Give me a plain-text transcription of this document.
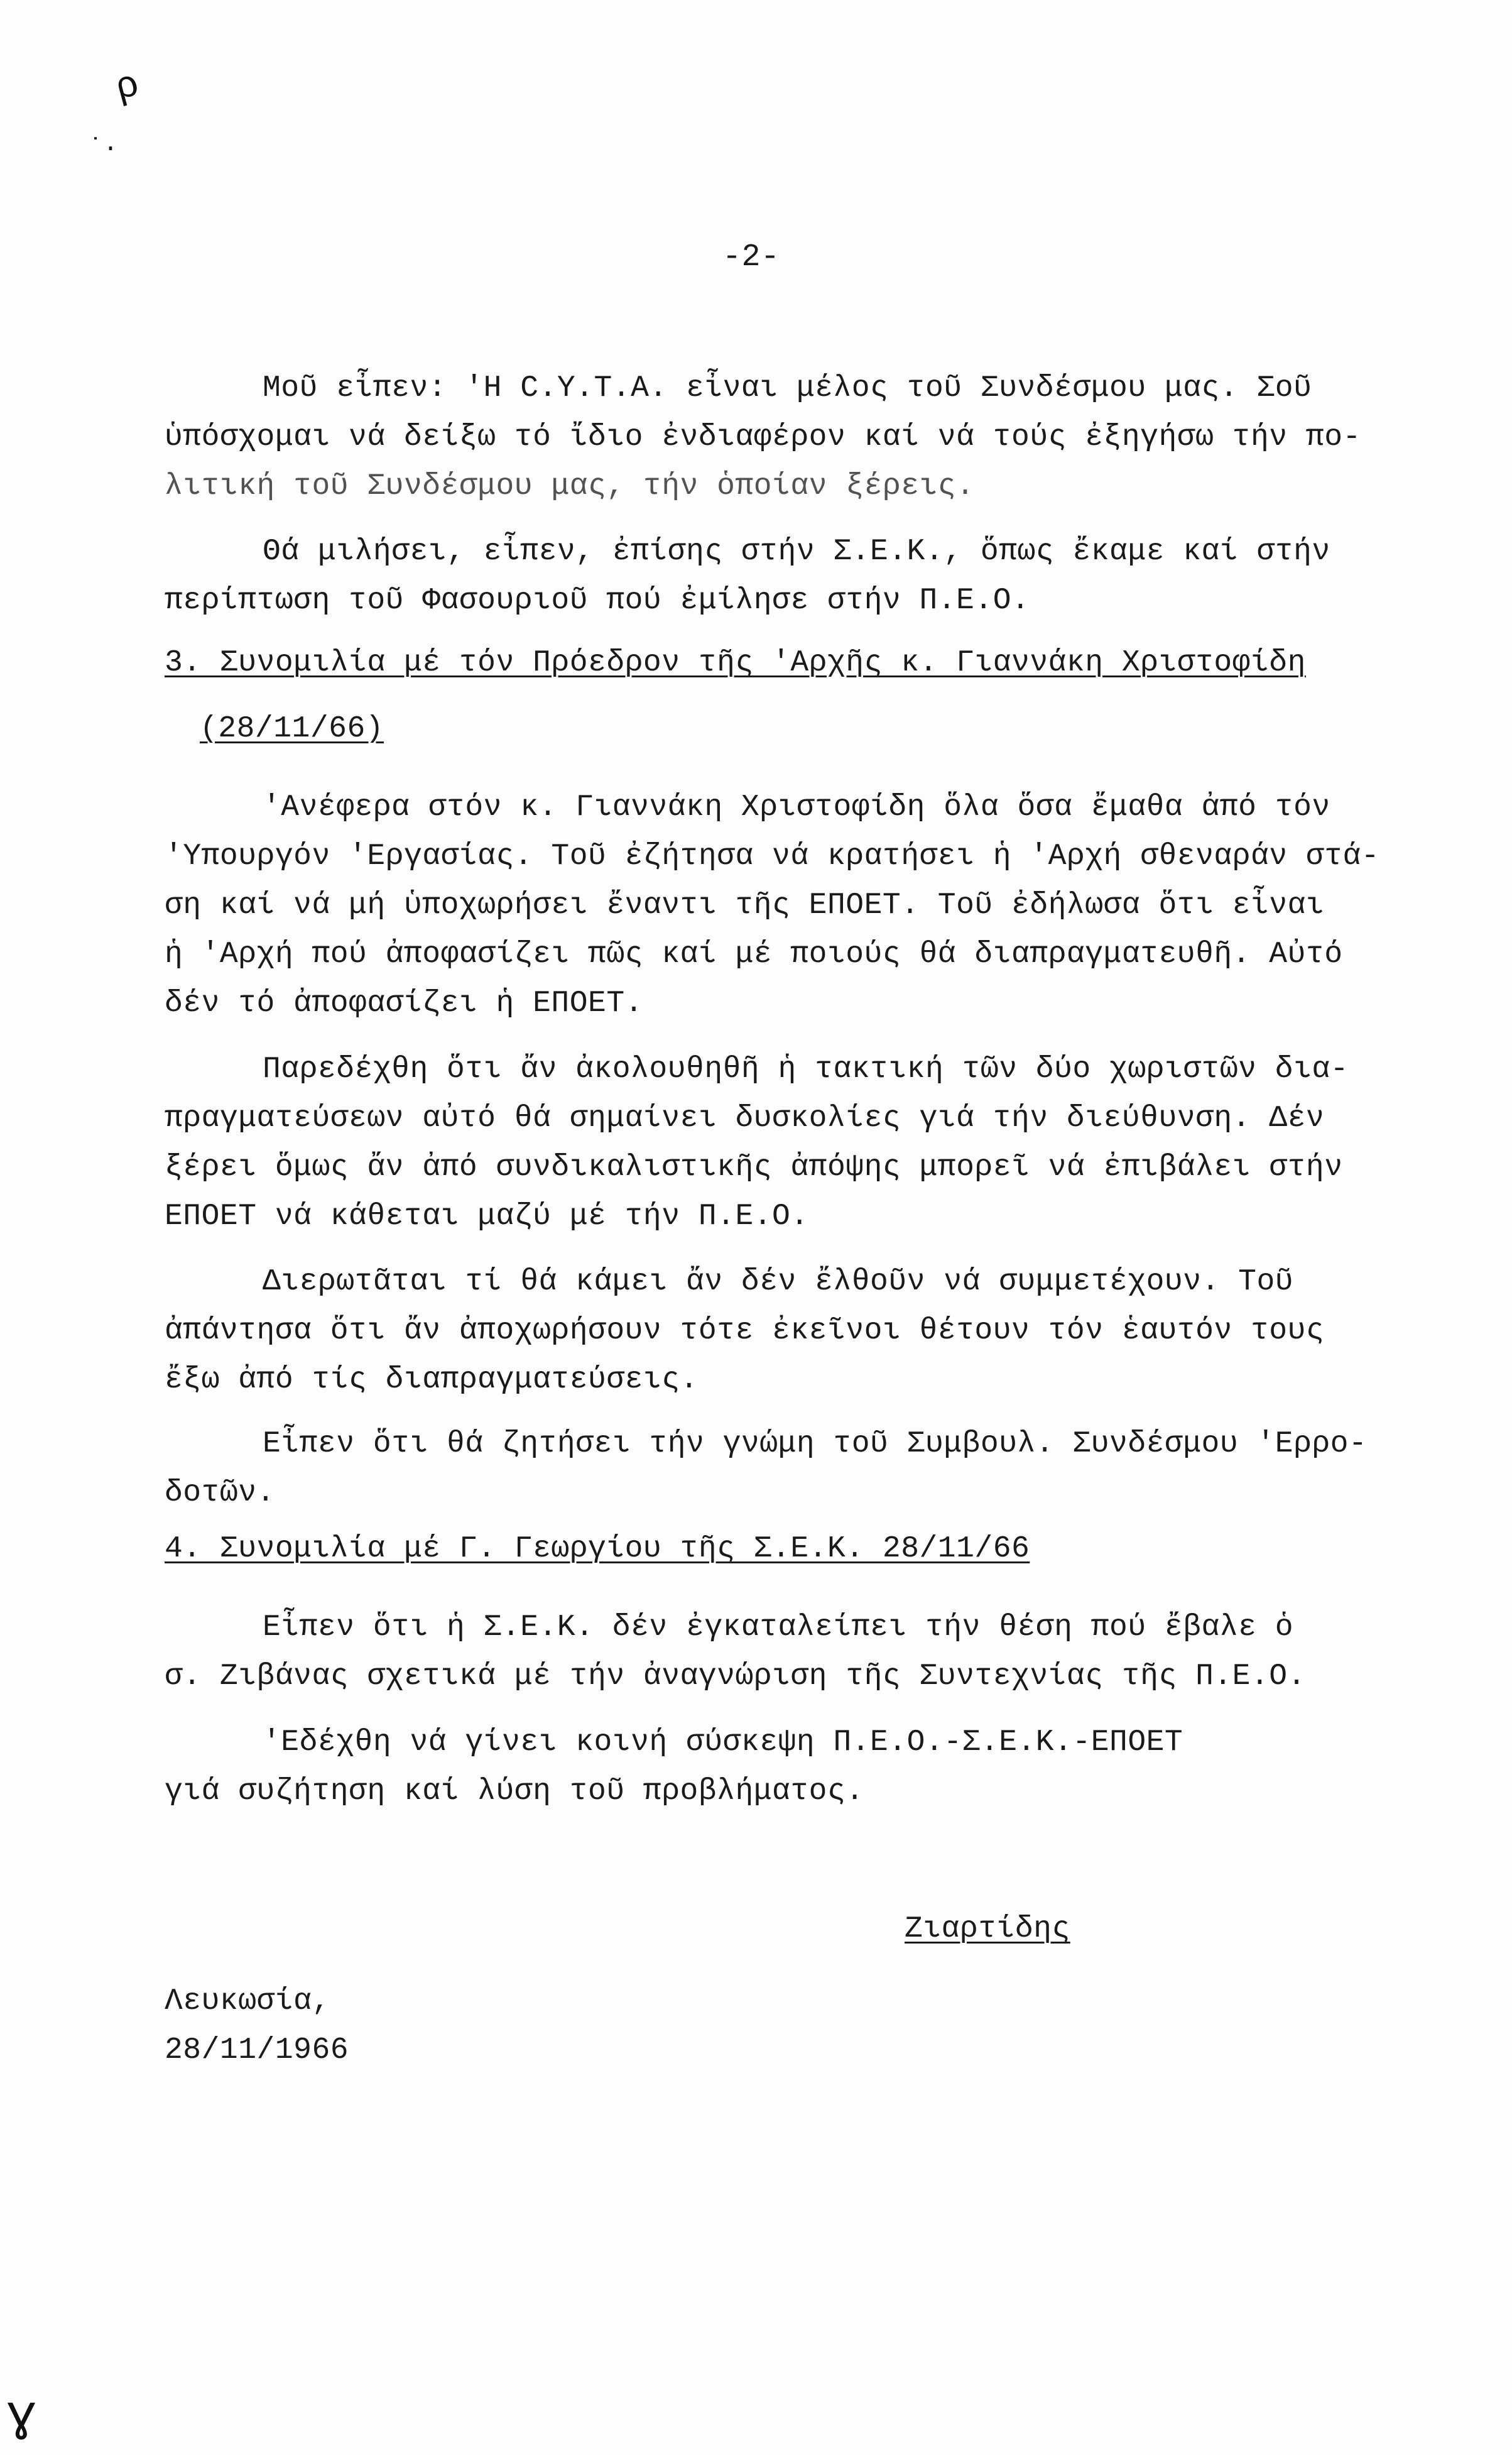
ρ
˙·
ɣ
-2-
Μοῦ εἶπεν: 'Η C.Y.T.A. εἶναι μέλος τοῦ Συνδέσμου μας. Σοῦ
ὑπόσχομαι νά δείξω τό ἴδιο ἐνδιαφέρον καί νά τούς ἐξηγήσω τήν πο-
λιτική τοῦ Συνδέσμου μας, τήν ὁποίαν ξέρεις.
Θά μιλήσει, εἶπεν, ἐπίσης στήν Σ.Ε.Κ., ὅπως ἔκαμε καί στήν
περίπτωση τοῦ Φασουριοῦ πού ἐμίλησε στήν Π.Ε.Ο.
3. Συνομιλία μέ τόν Πρόεδρον τῆς 'Αρχῆς κ. Γιαννάκη Χριστοφίδη
(28/11/66)
'Ανέφερα στόν κ. Γιαννάκη Χριστοφίδη ὅλα ὅσα ἔμαθα ἀπό τόν
'Υπουργόν 'Εργασίας. Τοῦ ἐζήτησα νά κρατήσει ἡ 'Αρχή σθεναράν στά-
ση καί νά μή ὑποχωρήσει ἔναντι τῆς ΕΠΟΕΤ. Τοῦ ἐδήλωσα ὅτι εἶναι
ἡ 'Αρχή πού ἀποφασίζει πῶς καί μέ ποιούς θά διαπραγματευθῆ. Αὐτό
δέν τό ἀποφασίζει ἡ ΕΠΟΕΤ.
Παρεδέχθη ὅτι ἄν ἀκολουθηθῆ ἡ τακτική τῶν δύο χωριστῶν δια-
πραγματεύσεων αὐτό θά σημαίνει δυσκολίες γιά τήν διεύθυνση. Δέν
ξέρει ὅμως ἄν ἀπό συνδικαλιστικῆς ἀπόψης μπορεῖ νά ἐπιβάλει στήν
ΕΠΟΕΤ νά κάθεται μαζύ μέ τήν Π.Ε.Ο.
Διερωτᾶται τί θά κάμει ἄν δέν ἔλθοῦν νά συμμετέχουν. Τοῦ
ἀπάντησα ὅτι ἄν ἀποχωρήσουν τότε ἐκεῖνοι θέτουν τόν ἑαυτόν τους
ἔξω ἀπό τίς διαπραγματεύσεις.
Εἶπεν ὅτι θά ζητήσει τήν γνώμη τοῦ Συμβουλ. Συνδέσμου 'Ερρο-
δοτῶν.
4. Συνομιλία μέ Γ. Γεωργίου τῆς Σ.Ε.Κ. 28/11/66
Εἶπεν ὅτι ἡ Σ.Ε.Κ. δέν ἐγκαταλείπει τήν θέση πού ἔβαλε ὁ
σ. Ζιβάνας σχετικά μέ τήν ἀναγνώριση τῆς Συντεχνίας τῆς Π.Ε.Ο.
'Εδέχθη νά γίνει κοινή σύσκεψη Π.Ε.Ο.-Σ.Ε.Κ.-ΕΠΟΕΤ
γιά συζήτηση καί λύση τοῦ προβλήματος.
Ζιαρτίδης
Λευκωσία,
28/11/1966
